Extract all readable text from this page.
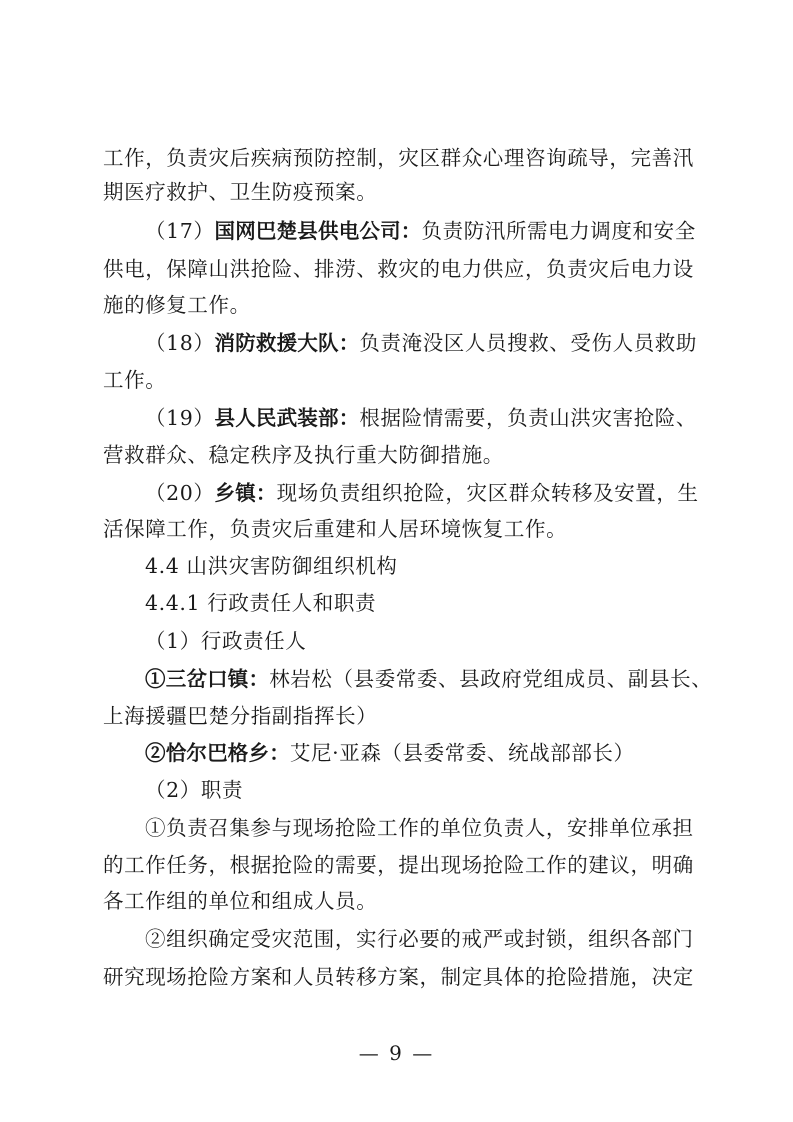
工作，负责灾后疾病预防控制，灾区群众心理咨询疏导，完善汛
期医疗救护、卫生防疫预案。
（17）国网巴楚县供电公司：负责防汛所需电力调度和安全
供电，保障山洪抢险、排涝、救灾的电力供应，负责灾后电力设
施的修复工作。
（18）消防救援大队：负责淹没区人员搜救、受伤人员救助
工作。
（19）县人民武装部：根据险情需要，负责山洪灾害抢险、
营救群众、稳定秩序及执行重大防御措施。
（20）乡镇：现场负责组织抢险，灾区群众转移及安置，生
活保障工作，负责灾后重建和人居环境恢复工作。
4.4 山洪灾害防御组织机构
4.4.1 行政责任人和职责
（1）行政责任人
①三岔口镇：林岩松（县委常委、县政府党组成员、副县长、
上海援疆巴楚分指副指挥长）
②恰尔巴格乡：艾尼·亚森（县委常委、统战部部长）
（2）职责
①负责召集参与现场抢险工作的单位负责人，安排单位承担
的工作任务，根据抢险的需要，提出现场抢险工作的建议，明确
各工作组的单位和组成人员。
②组织确定受灾范围，实行必要的戒严或封锁，组织各部门
研究现场抢险方案和人员转移方案，制定具体的抢险措施，决定
— 9 —
